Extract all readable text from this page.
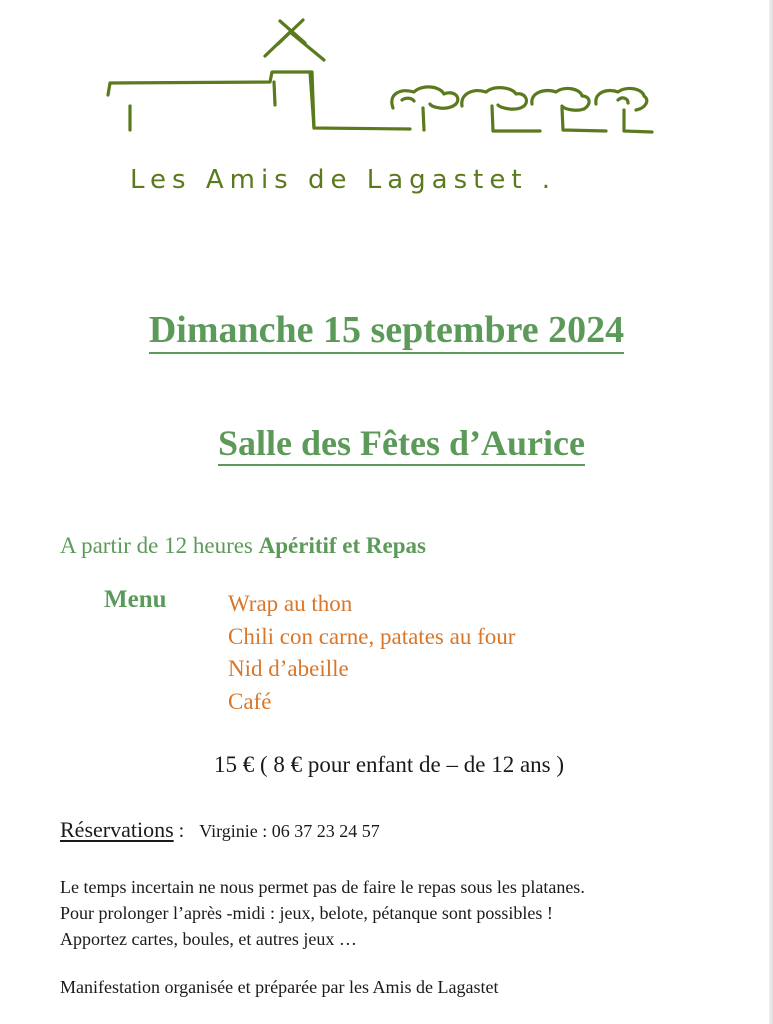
Les Amis de Lagastet .
Dimanche 15 septembre 2024
Salle des Fêtes d’Aurice
A partir de 12 heures Apéritif et Repas
Menu	Wrap au thon
Chili con carne, patates au four
Nid d’abeille
Café
15 € ( 8 € pour enfant de – de 12 ans )
Réservations : Virginie : 06 37 23 24 57
Le temps incertain ne nous permet pas de faire le repas sous les platanes.
Pour prolonger l’après -midi : jeux, belote, pétanque sont possibles !
Apportez cartes, boules, et autres jeux …
Manifestation organisée et préparée par les Amis de Lagastet
